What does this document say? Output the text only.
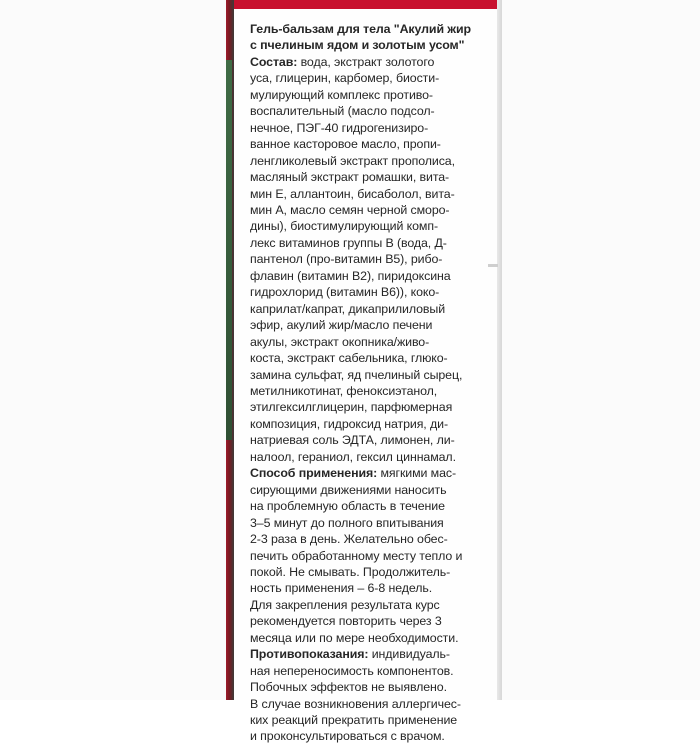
Гель-бальзам для тела "Акулий жир
с пчелиным ядом и золотым усом"
Состав: вода, экстракт золотого
уса, глицерин, карбомер, биости-
мулирующий комплекс противо-
воспалительный (масло подсол-
нечное, ПЭГ-40 гидрогенизиро-
ванное касторовое масло, пропи-
ленгликолевый экстракт прополиса,
масляный экстракт ромашки, вита-
мин Е, аллантоин, бисаболол, вита-
мин А, масло семян черной сморо-
дины), биостимулирующий комп-
лекс витаминов группы В (вода, Д-
пантенол (про-витамин В5), рибо-
флавин (витамин В2), пиридоксина
гидрохлорид (витамин В6)), коко-
каприлат/капрат, дикаприлиловый
эфир, акулий жир/масло печени
акулы, экстракт окопника/живо-
коста, экстракт сабельника, глюко-
замина сульфат, яд пчелиный сырец,
метилникотинат, феноксиэтанол,
этилгексилглицерин, парфюмерная
композиция, гидроксид натрия, ди-
натриевая соль ЭДТА, лимонен, ли-
налоол, гераниол, гексил циннамал.
Способ применения: мягкими мас-
сирующими движениями наносить
на проблемную область в течение
3–5 минут до полного впитывания
2-3 раза в день. Желательно обес-
печить обработанному месту тепло и
покой. Не смывать. Продолжитель-
ность применения – 6-8 недель.
Для закрепления результата курс
рекомендуется повторить через 3
месяца или по мере необходимости.
Противопоказания: индивидуаль-
ная непереносимость компонентов.
Побочных эффектов не выявлено.
В случае возникновения аллергичес-
ких реакций прекратить применение
и проконсультироваться с врачом.
